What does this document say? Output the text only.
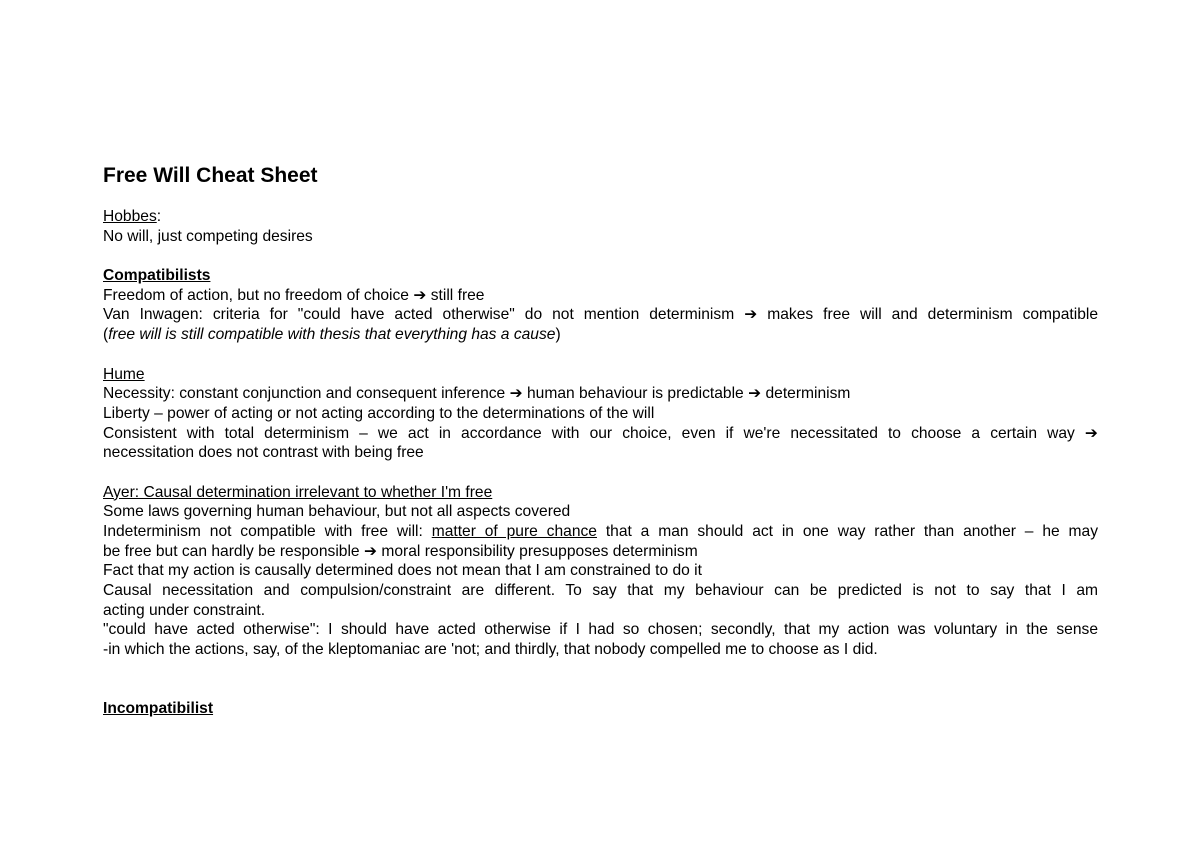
Free Will Cheat Sheet
Hobbes:
No will, just competing desires
Compatibilists
Freedom of action, but no freedom of choice ➔ still free
Van Inwagen: criteria for "could have acted otherwise" do not mention determinism ➔ makes free will and determinism compatible
(free will is still compatible with thesis that everything has a cause)
Hume
Necessity: constant conjunction and consequent inference ➔ human behaviour is predictable ➔ determinism
Liberty – power of acting or not acting according to the determinations of the will
Consistent with total determinism – we act in accordance with our choice, even if we're necessitated to choose a certain way ➔
necessitation does not contrast with being free
Ayer: Causal determination irrelevant to whether I'm free
Some laws governing human behaviour, but not all aspects covered
Indeterminism not compatible with free will: matter of pure chance that a man should act in one way rather than another – he may
be free but can hardly be responsible ➔ moral responsibility presupposes determinism
Fact that my action is causally determined does not mean that I am constrained to do it
Causal necessitation and compulsion/constraint are different. To say that my behaviour can be predicted is not to say that I am
acting under constraint.
"could have acted otherwise": I should have acted otherwise if I had so chosen; secondly, that my action was voluntary in the sense
-in which the actions, say, of the kleptomaniac are 'not; and thirdly, that nobody compelled me to choose as I did.
Incompatibilist
